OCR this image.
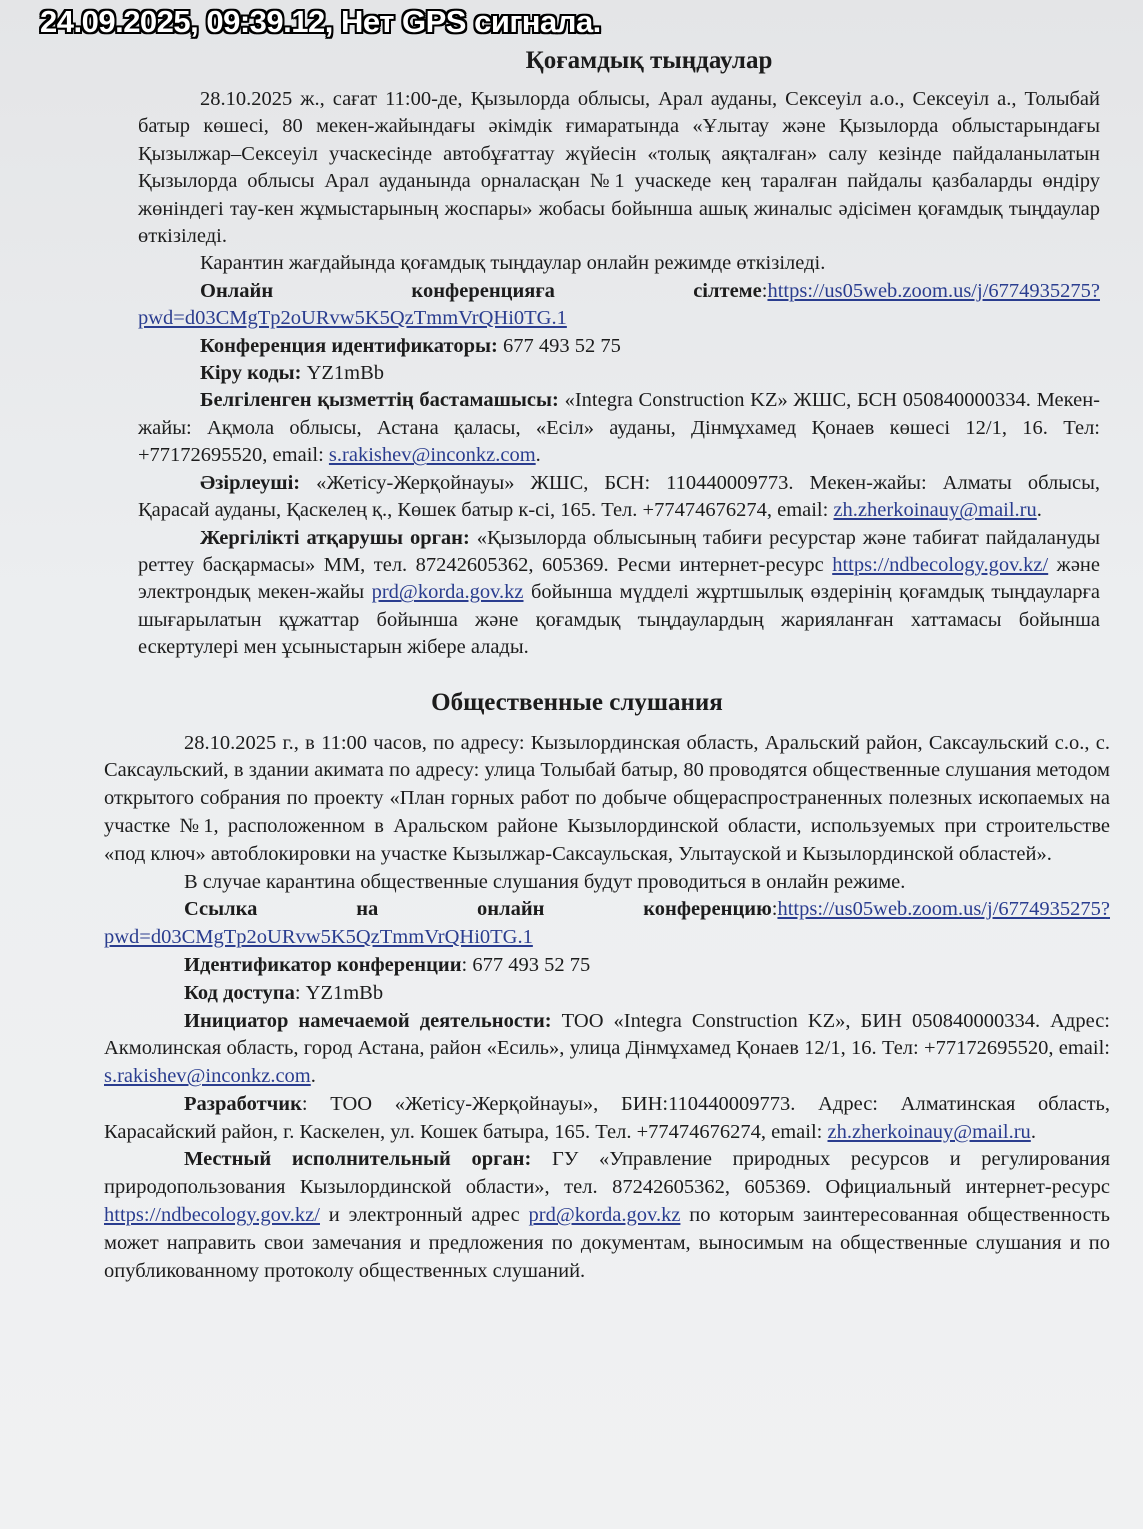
24.09.2025, 09:39.12, Нет GPS сигнала.
Қоғамдық тыңдаулар

28.10.2025 ж., сағат 11:00-де, Қызылорда облысы, Арал ауданы, Сексеуіл а.о., Сексеуіл а., Толыбай батыр көшесі, 80 мекен-жайындағы әкімдік ғимаратында «Ұлытау және Қызылорда облыстарындағы Қызылжар–Сексеуіл учаскесінде автобұғаттау жүйесін «толық аяқталған» салу кезінде пайдаланылатын Қызылорда облысы Арал ауданында орналасқан №1 учаскеде кең таралған пайдалы қазбаларды өндіру жөніндегі тау-кен жұмыстарының жоспары» жобасы бойынша ашық жиналыс әдісімен қоғамдық тыңдаулар өткізіледі.

Карантин жағдайында қоғамдық тыңдаулар онлайн режимде өткізіледі.

Онлайн конференцияға сілтеме:https://us05web.zoom.us/j/6774935275?pwd=d03CMgTp2oURvw5K5QzTmmVrQHi0TG.1

Конференция идентификаторы: 677 493 52 75

Кіру коды: YZ1mBb

Белгіленген қызметтің бастамашысы: «Integra Construction KZ» ЖШС, БСН 050840000334. Мекен-жайы: Ақмола облысы, Астана қаласы, «Есіл» ауданы, Дінмұхамед Қонаев көшесі 12/1, 16. Тел: +77172695520, email: s.rakishev@inconkz.com.

Әзірлеуші: «Жетісу-Жерқойнауы» ЖШС, БСН: 110440009773. Мекен-жайы: Алматы облысы, Қарасай ауданы, Қаскелең қ., Көшек батыр к-сі, 165. Тел. +77474676274, email: zh.zherkoinauy@mail.ru.

Жергілікті атқарушы орган: «Қызылорда облысының табиғи ресурстар және табиғат пайдалануды реттеу басқармасы» ММ, тел. 87242605362, 605369. Ресми интернет-ресурс https://ndbecology.gov.kz/ және электрондық мекен-жайы prd@korda.gov.kz бойынша мүдделі жұртшылық өздерінің қоғамдық тыңдауларға шығарылатын құжаттар бойынша және қоғамдық тыңдаулардың жарияланған хаттамасы бойынша ескертулері мен ұсыныстарын жібере алады.

Общественные слушания

28.10.2025 г., в 11:00 часов, по адресу: Кызылординская область, Аральский район, Саксаульский с.о., с. Саксаульский, в здании акимата по адресу: улица Толыбай батыр, 80 проводятся общественные слушания методом открытого собрания по проекту «План горных работ по добыче общераспространенных полезных ископаемых на участке №1, расположенном в Аральском районе Кызылординской области, используемых при строительстве «под ключ» автоблокировки на участке Кызылжар-Саксаульская, Улытауской и Кызылординской областей».

В случае карантина общественные слушания будут проводиться в онлайн режиме.

Ссылка на онлайн конференцию:https://us05web.zoom.us/j/6774935275?pwd=d03CMgTp2oURvw5K5QzTmmVrQHi0TG.1

Идентификатор конференции: 677 493 52 75

Код доступа: YZ1mBb

Инициатор намечаемой деятельности: ТОО «Integra Construction KZ», БИН 050840000334. Адрес: Акмолинская область, город Астана, район «Есиль», улица Дінмұхамед Қонаев 12/1, 16. Тел: +77172695520, email: s.rakishev@inconkz.com.

Разработчик: ТОО «Жетісу-Жерқойнауы», БИН:110440009773. Адрес: Алматинская область, Карасайский район, г. Каскелен, ул. Кошек батыра, 165. Тел. +77474676274, email: zh.zherkoinauy@mail.ru.

Местный исполнительный орган: ГУ «Управление природных ресурсов и регулирования природопользования Кызылординской области», тел. 87242605362, 605369. Официальный интернет-ресурс https://ndbecology.gov.kz/ и электронный адрес prd@korda.gov.kz по которым заинтересованная общественность может направить свои замечания и предложения по документам, выносимым на общественные слушания и по опубликованному протоколу общественных слушаний.
